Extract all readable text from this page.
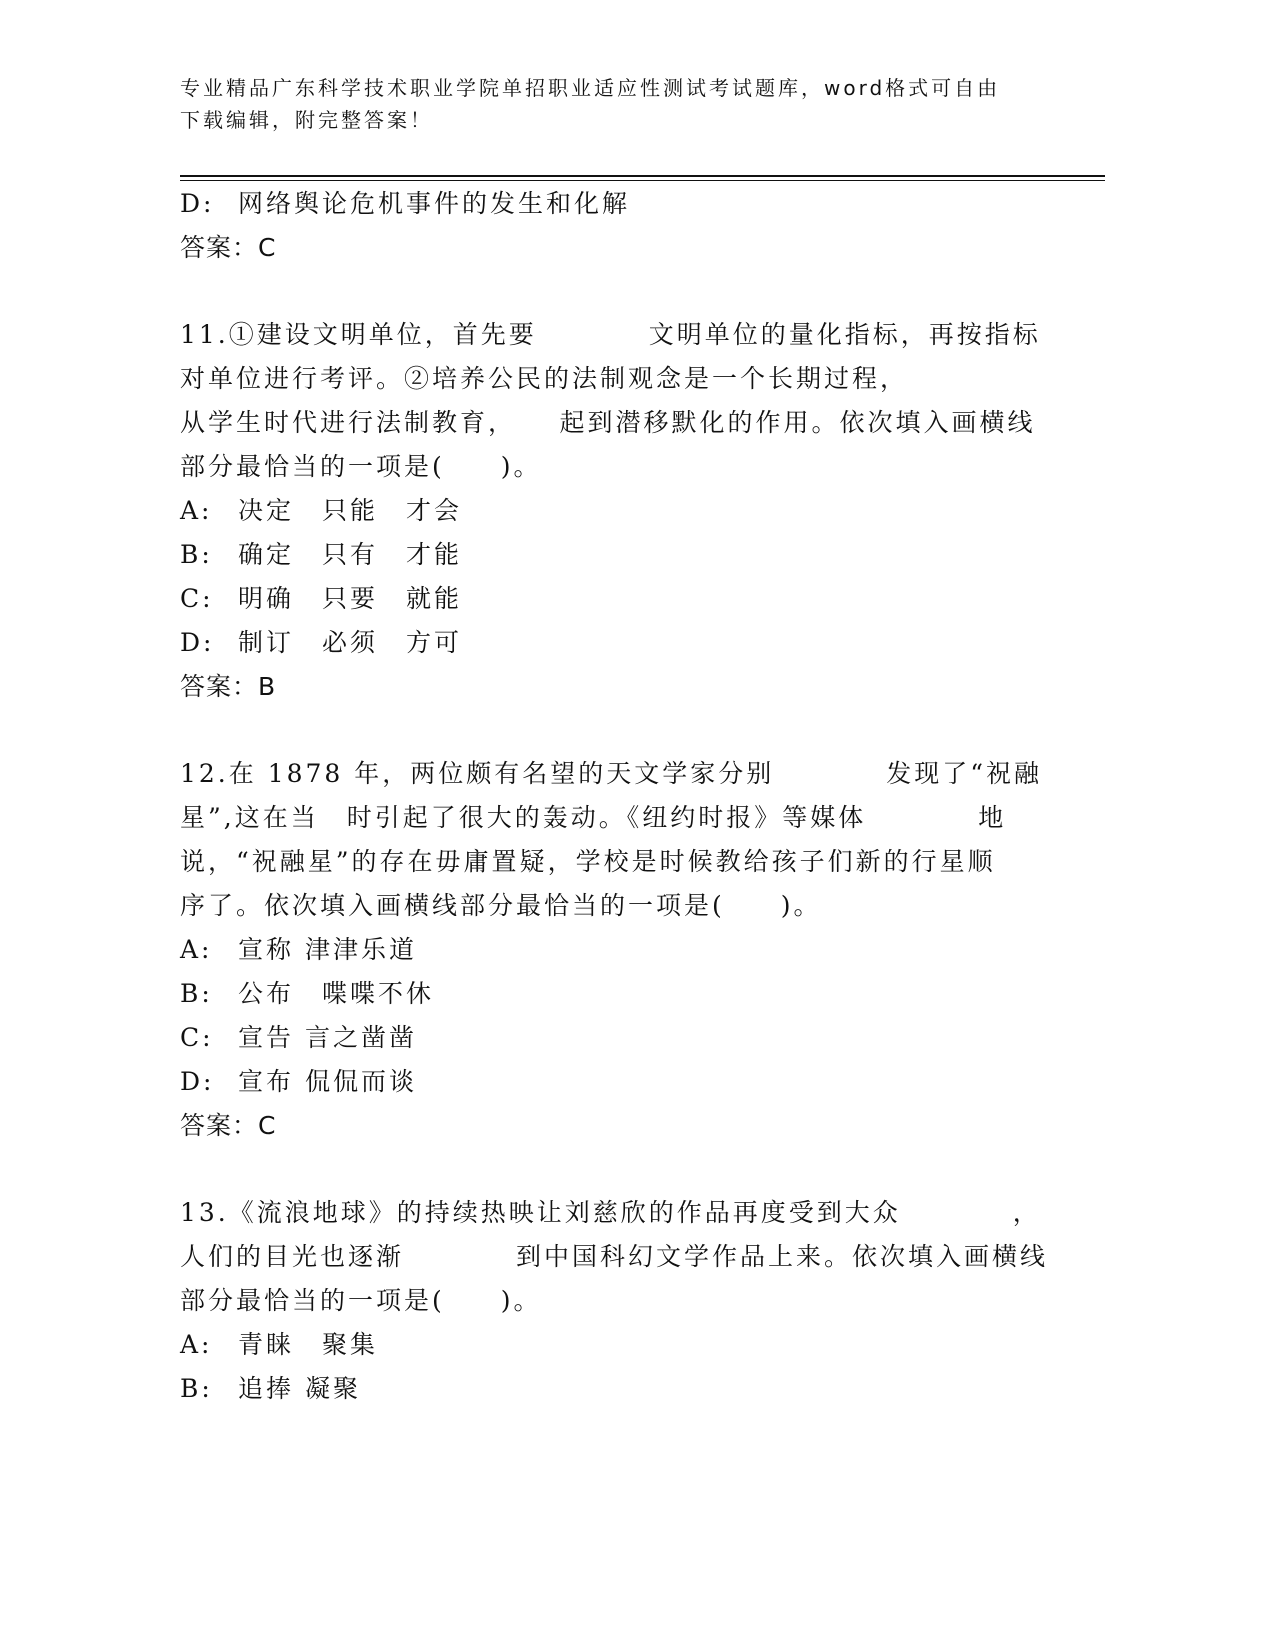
专业精品广东科学技术职业学院单招职业适应性测试考试题库，word格式可自由
下载编辑，附完整答案！
D: 网络舆论危机事件的发生和化解
答案：C
11.①建设文明单位，首先要　　　　文明单位的量化指标，再按指标
对单位进行考评。②培养公民的法制观念是一个长期过程，
从学生时代进行法制教育，　　起到潜移默化的作用。依次填入画横线
部分最恰当的一项是(　　)。
A: 决定　只能　才会
B: 确定　只有　才能
C: 明确　只要　就能
D: 制订　必须　方可
答案：B
12.在 1878 年，两位颇有名望的天文学家分别　　　　发现了“祝融
星”,这在当　时引起了很大的轰动。《纽约时报》等媒体　　　　地
说，“祝融星”的存在毋庸置疑，学校是时候教给孩子们新的行星顺
序了。依次填入画横线部分最恰当的一项是(　　)。
A: 宣称 津津乐道
B: 公布　喋喋不休
C: 宣告 言之凿凿
D: 宣布 侃侃而谈
答案：C
13.《流浪地球》的持续热映让刘慈欣的作品再度受到大众　　　　，
人们的目光也逐渐　　　　到中国科幻文学作品上来。依次填入画横线
部分最恰当的一项是(　　)。
A: 青睐　聚集
B: 追捧 凝聚
